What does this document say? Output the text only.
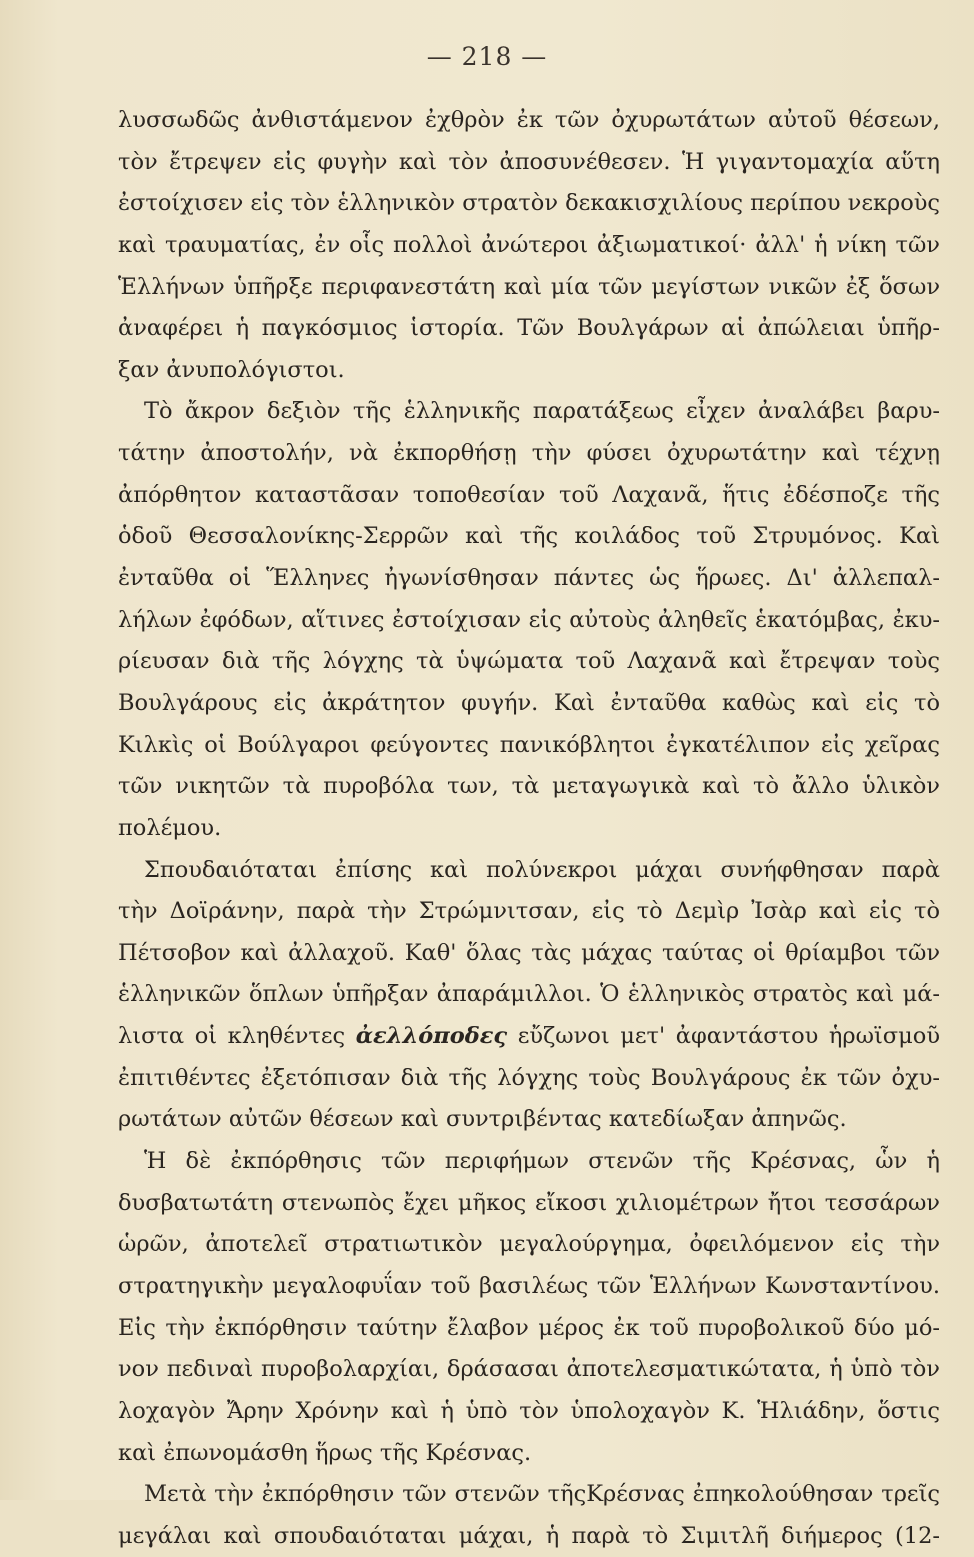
— 218 —
λυσσωδῶς ἀνθιστάμενον ἐχθρὸν ἐκ τῶν ὀχυρωτάτων αὐτοῦ θέσεων,
τὸν ἔτρεψεν εἰς φυγὴν καὶ τὸν ἀποσυνέθεσεν. Ἡ γιγαντομαχία αὕτη
ἐστοίχισεν εἰς τὸν ἑλληνικὸν στρατὸν δεκακισχιλίους περίπου νεκροὺς
καὶ τραυματίας, ἐν οἷς πολλοὶ ἀνώτεροι ἀξιωματικοί· ἀλλ' ἡ νίκη τῶν
Ἑλλήνων ὑπῆρξε περιφανεστάτη καὶ μία τῶν μεγίστων νικῶν ἐξ ὅσων
ἀναφέρει ἡ παγκόσμιος ἱστορία. Τῶν Βουλγάρων αἱ ἀπώλειαι ὑπῆρ-
ξαν ἀνυπολόγιστοι.
Τὸ ἄκρον δεξιὸν τῆς ἑλληνικῆς παρατάξεως εἶχεν ἀναλάβει βαρυ-
τάτην ἀποστολήν, νὰ ἐκπορθήσῃ τὴν φύσει ὀχυρωτάτην καὶ τέχνῃ
ἀπόρθητον καταστᾶσαν τοποθεσίαν τοῦ Λαχανᾶ, ἥτις ἐδέσποζε τῆς
ὁδοῦ Θεσσαλονίκης-Σερρῶν καὶ τῆς κοιλάδος τοῦ Στρυμόνος. Καὶ
ἐνταῦθα οἱ Ἕλληνες ἠγωνίσθησαν πάντες ὡς ἥρωες. Δι' ἀλλεπαλ-
λήλων ἐφόδων, αἵτινες ἐστοίχισαν εἰς αὐτοὺς ἀληθεῖς ἑκατόμβας, ἐκυ-
ρίευσαν διὰ τῆς λόγχης τὰ ὑψώματα τοῦ Λαχανᾶ καὶ ἔτρεψαν τοὺς
Βουλγάρους εἰς ἀκράτητον φυγήν. Καὶ ἐνταῦθα καθὼς καὶ εἰς τὸ
Κιλκὶς οἱ Βούλγαροι φεύγοντες πανικόβλητοι ἐγκατέλιπον εἰς χεῖρας
τῶν νικητῶν τὰ πυροβόλα των, τὰ μεταγωγικὰ καὶ τὸ ἄλλο ὑλικὸν
πολέμου.
Σπουδαιόταται ἐπίσης καὶ πολύνεκροι μάχαι συνήφθησαν παρὰ
τὴν Δοϊράνην, παρὰ τὴν Στρώμνιτσαν, εἰς τὸ Δεμὶρ Ἰσὰρ καὶ εἰς τὸ
Πέτσοβον καὶ ἀλλαχοῦ. Καθ' ὅλας τὰς μάχας ταύτας οἱ θρίαμβοι τῶν
ἑλληνικῶν ὅπλων ὑπῆρξαν ἀπαράμιλλοι. Ὁ ἑλληνικὸς στρατὸς καὶ μά-
λιστα οἱ κληθέντες ἀελλόποδες εὔζωνοι μετ' ἀφαντάστου ἡρωϊσμοῦ
ἐπιτιθέντες ἐξετόπισαν διὰ τῆς λόγχης τοὺς Βουλγάρους ἐκ τῶν ὀχυ-
ρωτάτων αὐτῶν θέσεων καὶ συντριβέντας κατεδίωξαν ἀπηνῶς.
Ἡ δὲ ἐκπόρθησις τῶν περιφήμων στενῶν τῆς Κρέσνας, ὧν ἡ
δυσβατωτάτη στενωπὸς ἔχει μῆκος εἴκοσι χιλιομέτρων ἤτοι τεσσάρων
ὡρῶν, ἀποτελεῖ στρατιωτικὸν μεγαλούργημα, ὀφειλόμενον εἰς τὴν
στρατηγικὴν μεγαλοφυΐαν τοῦ βασιλέως τῶν Ἑλλήνων Κωνσταντίνου.
Εἰς τὴν ἐκπόρθησιν ταύτην ἔλαβον μέρος ἐκ τοῦ πυροβολικοῦ δύο μό-
νον πεδιναὶ πυροβολαρχίαι, δράσασαι ἀποτελεσματικώτατα, ἡ ὑπὸ τὸν
λοχαγὸν Ἄρην Χρόνην καὶ ἡ ὑπὸ τὸν ὑπολοχαγὸν Κ. Ἡλιάδην, ὅστις
καὶ ἐπωνομάσθη ἥρως τῆς Κρέσνας.
Μετὰ τὴν ἐκπόρθησιν τῶν στενῶν τῆςΚρέσνας ἐπηκολούθησαν τρεῖς
μεγάλαι καὶ σπουδαιόταται μάχαι, ἡ παρὰ τὸ Σιμιτλῆ διήμερος (12-
